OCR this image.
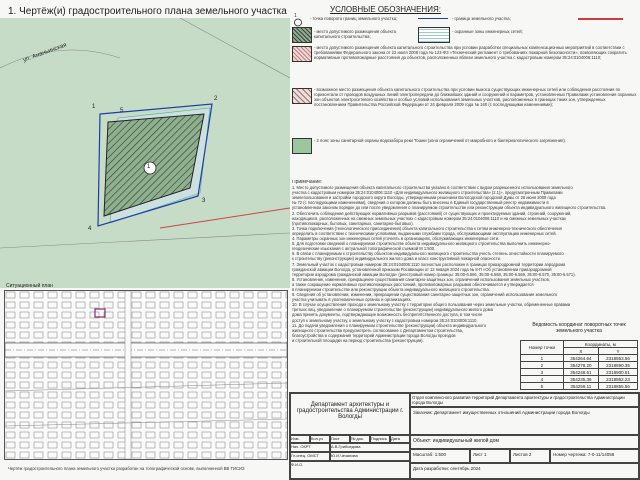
1. Чертёж(и) градостроительного плана земельного участка	УСЛОВНЫЕ ОБОЗНАЧЕНИЯ:
1	- точка поворота границ земельного участка;	- граница земельного участка;
- место допустимого размещения объекта капитального строительства;
- охранные зоны инженерных сетей;
- место допустимого размещения объекта капитального строительства при условии разработки специальных компенсационных мероприятий в соответствии с требованиями Федерального закона от 22 июля 2008 года № 123-ФЗ «Технический регламент о требованиях пожарной безопасности», позволяющих сократить нормативные противопожарные расстояния до объектов, расположенных вблизи земельного участка с кадастровым номером 35:24:0104006:1110;
- возможное место размещения объекта капитального строительства при условии выноса существующих инженерных сетей или соблюдения расстояния по горизонтали от проводов воздушных линий электропередачи до ближайших зданий и сооружений и параметров, установленных Правилами установления охранных зон объектов электросетевого хозяйства и особых условий использования земельных участков, расположенных в границах таких зон, утвержденных постановлением Правительства Российской Федерации от 24 февраля 2009 года № 160 (с последующими изменениями);
- 2 пояс зоны санитарной охраны водозабора реки Тошни (зона ограничений от макробного и бактериологического загрязнения).
1
ул. Ананьинская
1
2
3
4
5
Примечание:
1. Место допустимого размещения объекта капитального строительства указано в соответствии с видом разрешенного использования земельного
участка с кадастровым номером 35:24:0104006:1110 «Для индивидуального жилищного строительства» (2.1)», предусмотренным Правилами
землепользования и застройки городского округа Вологды, утвержденными решением Вологодской городской Думы от 26 июня 2009 года
№ 72 (с последующими изменениями), сведения о котором должны быть внесены в Единый государственный реестр недвижимости в
установленном законом порядке до или после уведомления о планируемом строительстве или реконструкции объекта индивидуального жилищного строительства.
2. Обеспечить соблюдение действующих нормативных разрывов (расстояний) от существующих и проектируемых зданий, строений, сооружений,
находящихся, расположенных на смежных земельных участках с кадастровым номером 35:24:0104006:1110 и на смежных земельных участках
(противопожарных, бытовых, санитарных, санитарно-бытовых).
3. Точка подключения (технологического присоединения) объекта капитального строительства к сетям инженерно-технического обеспечения
определить в соответствии с техническими условиями, выданными службами города, обслуживающими эксплуатацию инженерных сетей.
4. Параметры охранных зон инженерных сетей уточнять в организациях, обслуживающих инженерные сети.
5. Для подготовки сведений о планируемом строительстве объекта индивидуального жилищного строительства выполнить инженерно-
геодезические изыскания с актуальной топографической съемкой М 1:500.
6. В связи с планируемым к строительству объектом индивидуального жилищного строительства учесть степень огнестойкости планируемого
к строительству (реконструкции) индивидуального жилого дома и класс конструктивной пожарной опасности.
7. Земельный участок с кадастровым номером 35:24:0104006:1110 полностью расположен в границах приаэродромной территории аэродрома
гражданской авиации Вологда, установленной приказом Росавиации от 12 января 2024 года № 8-П «Об установлении приаэродромной
территории аэродрома гражданской авиации Вологда» (реестровый номер границы: 35:00-6.566, 35:00-6.568, 35:00-6.569, 35:00-6.570, 35:00-6.571).
8. Установление, изменение, прекращение существования санитарно-защитных зон, ограничений использования земельных участков,
а также сокращение нормативных противопожарных расстояний, противопожарных разрывов обеспечивается и утверждается
в планируемом строительстве или реконструкции объекта индивидуального жилищного строительства.
9. Сведения об установлении, изменении, прекращении существования санитарно-защитных зон, ограничений использования земельного
участка учитывать в уполномоченных органах и организациях.
10. В случае осуществления прохода к земельному участку с территории общего пользования через земельные участки, обремененные правами
третьих лиц, уведомление о планируемом строительстве (реконструкции) индивидуального жилого дома
дома принять документы, подтверждающие возможность беспрепятственного доступа, в том числе
доступ к земельному участку, к земельному участку с кадастровым номером 35:24:0104006:1110.
11. До подачи уведомления о планируемом строительстве (реконструкции) объекта индивидуального
жилищного строительства предусмотреть согласование с Департаментом строительства,
благоустройства и содержания территорий Администрации города Вологды проездов
и строительной площадки на период строительства (реконструкции).
Ситуационный план
Ведомость координат поворотных точек земельного участка
Номер точки	Координаты, м	
	X	Y
1	354264.64	2318853.56
2	354278.20	2318890.35
3	354248.61	2318900.51
4	354235.36	2318862.23
5	354259.11	2318855.56
Департамент архитектуры и градостроительства Администрации г. Вологды
Отдел комплексного развития территорий Департамента архитектуры и градостроительства Администрации города Вологды
Заказчик: Департамент имущественных отношений Администрации города Вологды
Изм.	Кол.уч	Лист	№ док.	Подпись	Дата
Нач. ОКРТ	А.В.Грибоедова
Гл.спец. ОМСТ	Ю.И.Чезанова
Ф.И.О.
Объект: индивидуальный жилой дом
Масштаб: 1:500	Лист 1	Листов 2	Номер чертежа: 7-0-11/14058
Дата разработки: сентябрь 2024
Чертёж градостроительного плана земельного участка разработан на топографической основе, выполненной ВВ ТИСИЗ
